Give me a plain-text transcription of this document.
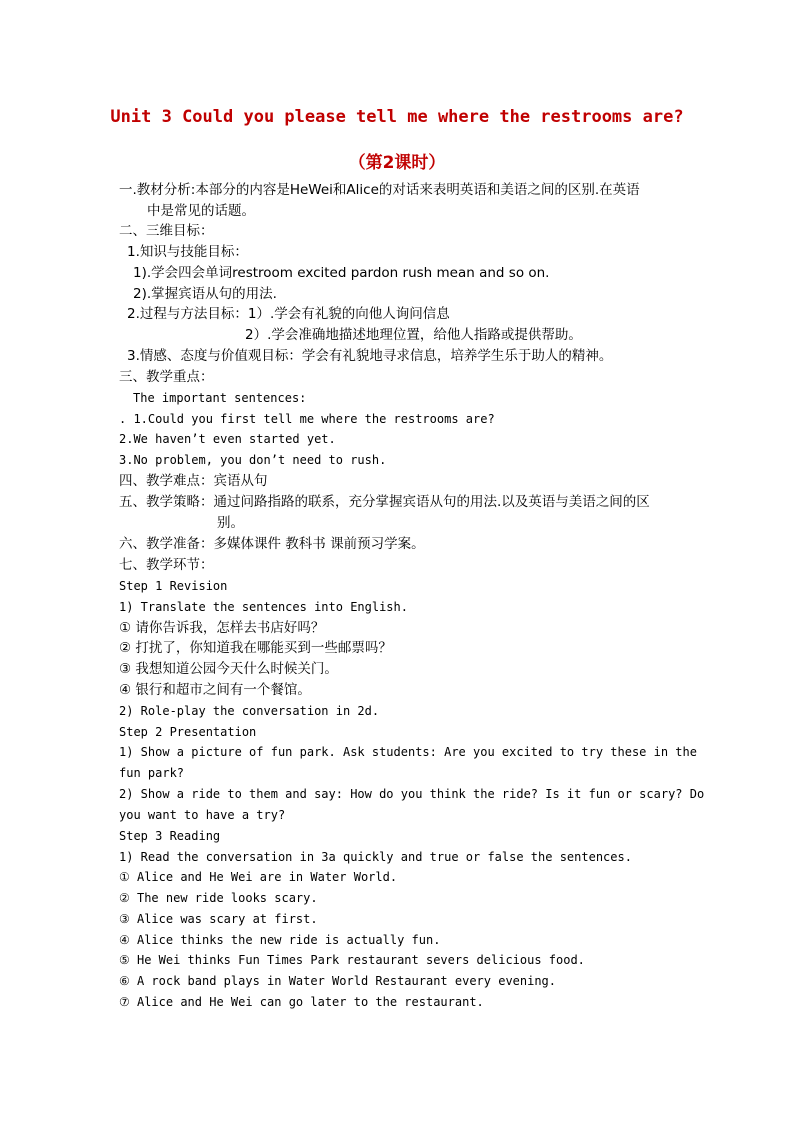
Unit 3 Could you please tell me where the restrooms are?
（第2课时）
一.教材分析:本部分的内容是HeWei和Alice的对话来表明英语和美语之间的区别.在英语
中是常见的话题。
二、三维目标：
1.知识与技能目标：
1).学会四会单词restroom excited pardon rush mean and so on.
2).掌握宾语从句的用法.
2.过程与方法目标：1）.学会有礼貌的向他人询问信息
2）.学会准确地描述地理位置，给他人指路或提供帮助。
3.情感、态度与价值观目标：学会有礼貌地寻求信息，培养学生乐于助人的精神。
三、教学重点：
The important sentences:
. 1.Could you first tell me where the restrooms are?
2.We haven’t even started yet.
3.No problem, you don’t need to rush.
四、教学难点：宾语从句
五、教学策略：通过问路指路的联系，充分掌握宾语从句的用法.以及英语与美语之间的区
别。
六、教学准备：多媒体课件 教科书 课前预习学案。
七、教学环节：
Step 1 Revision
1) Translate the sentences into English.
① 请你告诉我，怎样去书店好吗？
② 打扰了，你知道我在哪能买到一些邮票吗？
③ 我想知道公园今天什么时候关门。
④ 银行和超市之间有一个餐馆。
2) Role-play the conversation in 2d.
Step 2 Presentation
1) Show a picture of fun park. Ask students: Are you excited to try these in the
fun park?
2) Show a ride to them and say: How do you think the ride? Is it fun or scary? Do
you want to have a try?
Step 3 Reading
1) Read the conversation in 3a quickly and true or false the sentences.
① Alice and He Wei are in Water World.
② The new ride looks scary.
③ Alice was scary at first.
④ Alice thinks the new ride is actually fun.
⑤ He Wei thinks Fun Times Park restaurant severs delicious food.
⑥ A rock band plays in Water World Restaurant every evening.
⑦ Alice and He Wei can go later to the restaurant.
